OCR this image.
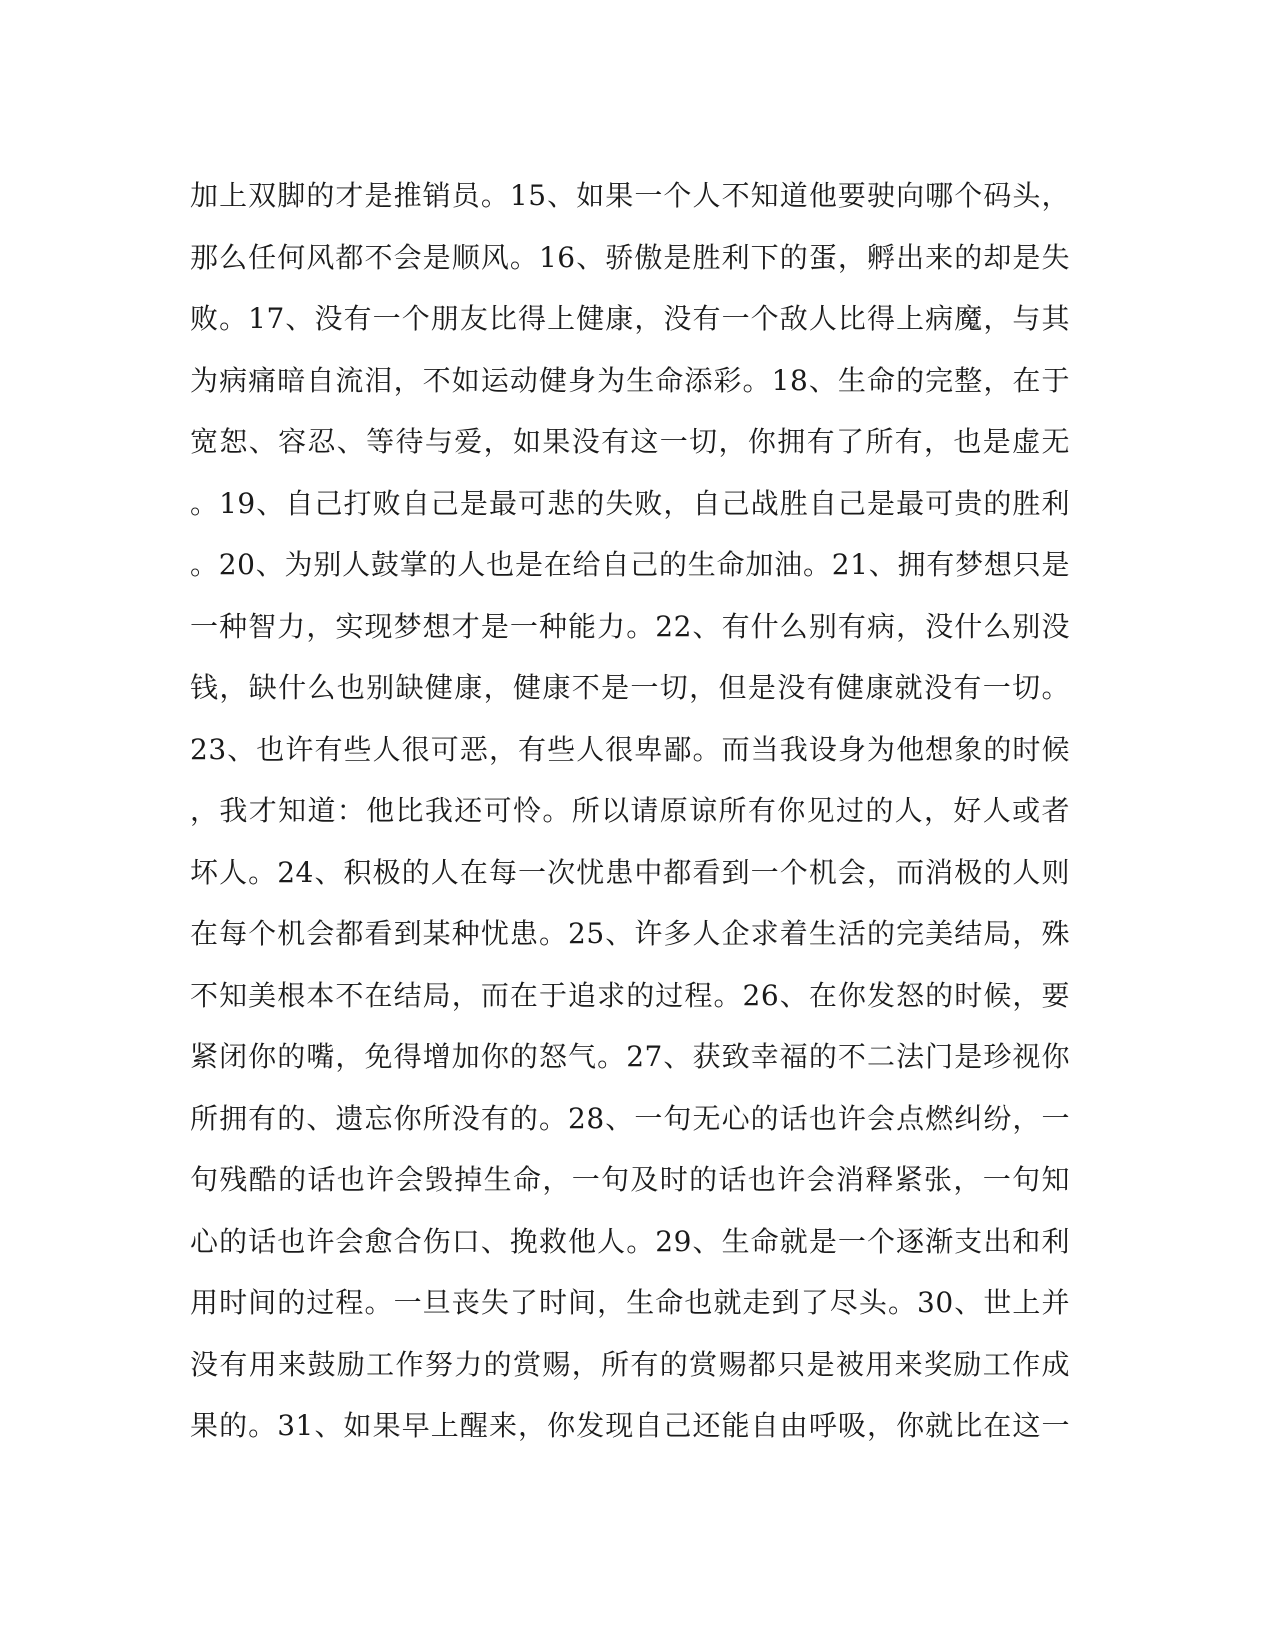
加上双脚的才是推销员。15、如果一个人不知道他要驶向哪个码头，
那么任何风都不会是顺风。16、骄傲是胜利下的蛋，孵出来的却是失
败。17、没有一个朋友比得上健康，没有一个敌人比得上病魔，与其
为病痛暗自流泪，不如运动健身为生命添彩。18、生命的完整，在于
宽恕、容忍、等待与爱，如果没有这一切，你拥有了所有，也是虚无
。19、自己打败自己是最可悲的失败，自己战胜自己是最可贵的胜利
。20、为别人鼓掌的人也是在给自己的生命加油。21、拥有梦想只是
一种智力，实现梦想才是一种能力。22、有什么别有病，没什么别没
钱，缺什么也别缺健康，健康不是一切，但是没有健康就没有一切。
23、也许有些人很可恶，有些人很卑鄙。而当我设身为他想象的时候
，我才知道：他比我还可怜。所以请原谅所有你见过的人，好人或者
坏人。24、积极的人在每一次忧患中都看到一个机会，而消极的人则
在每个机会都看到某种忧患。25、许多人企求着生活的完美结局，殊
不知美根本不在结局，而在于追求的过程。26、在你发怒的时候，要
紧闭你的嘴，免得增加你的怒气。27、获致幸福的不二法门是珍视你
所拥有的、遗忘你所没有的。28、一句无心的话也许会点燃纠纷，一
句残酷的话也许会毁掉生命，一句及时的话也许会消释紧张，一句知
心的话也许会愈合伤口、挽救他人。29、生命就是一个逐渐支出和利
用时间的过程。一旦丧失了时间，生命也就走到了尽头。30、世上并
没有用来鼓励工作努力的赏赐，所有的赏赐都只是被用来奖励工作成
果的。31、如果早上醒来，你发现自己还能自由呼吸，你就比在这一
